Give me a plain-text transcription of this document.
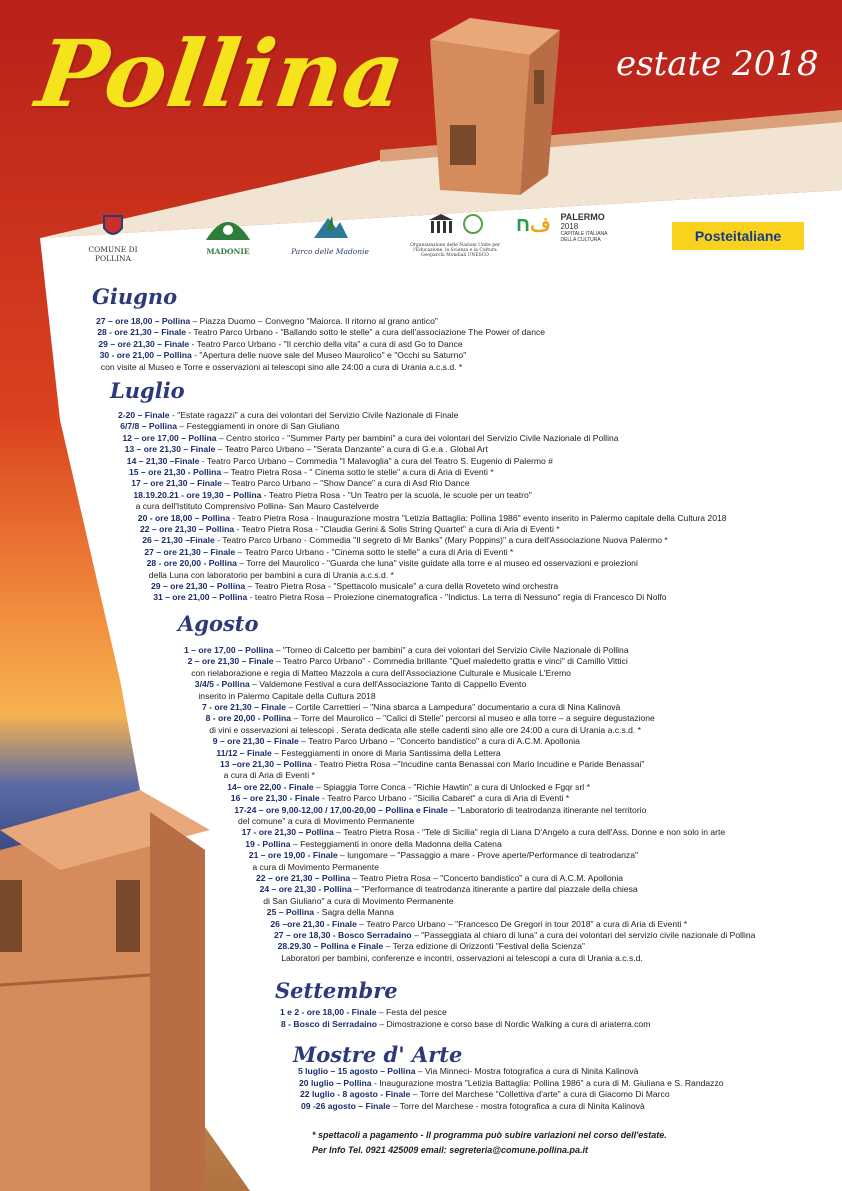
Pollina	estate 2018
COMUNE DI POLLINA
MADONIE	Parco delle Madonie
Organizzazione delle Nazioni Unite per l'Educazione, la Scienza e la Cultura
Geoparchi Mondiali UNESCO
فח	PALERMO
2018
CAPITALE ITALIANA DELLA CULTURA	Posteitaliane
Giugno
27 – ore 18,00 – Pollina – Piazza Duomo – Convegno "Maiorca. Il ritorno al grano antico"
28 - ore 21,30 – Finale - Teatro Parco Urbano - "Ballando sotto le stelle" a cura dell'associazione The Power of dance
29 – ore 21,30 – Finale - Teatro Parco Urbano - "Il cerchio della vita" a cura di asd Go to Dance
30 - ore 21,00 – Pollina - "Apertura delle nuove sale del Museo Maurolico" e "Occhi su Saturno"
con visite al Museo e Torre e osservazioni ai telescopi sino alle 24:00 a cura di Urania a.c.s.d. *
Luglio
2-20 – Finale - "Estate ragazzi" a cura dei volontari del Servizio Civile Nazionale di Finale
6/7/8 – Pollina – Festeggiamenti in onore di San Giuliano
12 – ore 17,00 – Pollina – Centro storico - "Summer Party per bambini" a cura dei volontari del Servizio Civile Nazionale di Pollina
13 – ore 21,30 – Finale – Teatro Parco Urbano – "Serata Danzante" a cura di G.e.a . Global Art
14 – 21,30 –Finale - Teatro Parco Urbano – Commedia "I Malavoglia" a cura del Teatro S. Eugenio di Palermo #
15 – ore 21,30 - Pollina – Teatro Pietra Rosa - " Cinema sotto le stelle" a cura di Aria di Eventi *
17 – ore 21,30 – Finale – Teatro Parco Urbano – "Show Dance" a cura di Asd Rio Dance
18.19.20.21 - ore 19,30 – Pollina - Teatro Pietra Rosa - "Un Teatro per la scuola, le scuole per un teatro"
a cura dell'Istituto Comprensivo Pollina- San Mauro Castelverde
20 - ore 18,00 – Pollina - Teatro Pietra Rosa - Inaugurazione mostra "Letizia Battaglia: Pollina 1986" evento inserito in Palermo capitale della Cultura 2018
22 – ore 21,30 – Pollina - Teatro Pietra Rosa - "Claudia Gerini & Solis String Quartet" a cura di Aria di Eventi *
26 – 21,30 –Finale - Teatro Parco Urbano - Commedia "Il segreto di Mr Banks" (Mary Poppins)" a cura dell'Associazione Nuova Palermo *
27 – ore 21,30 – Finale – Teatro Parco Urbano - "Cinema sotto le stelle" a cura di Aria di Eventi *
28 - ore 20,00 - Pollina – Torre del Maurolico - "Guarda che luna" visite guidate alla torre e al museo ed osservazioni e proiezioni
della Luna con laboratorio per bambini a cura di Urania a.c.s.d. *
29 – ore 21,30 – Pollina – Teatro Pietra Rosa - "Spettacolo musicale" a cura della Roveteto wind orchestra
31 – ore 21,00 – Pollina - teatro Pietra Rosa – Proiezione cinematografica - "Indictus. La terra di Nessuno" regia di Francesco Di Nolfo
Agosto
1 – ore 17,00 – Pollina – "Torneo di Calcetto per bambini" a cura dei volontari del Servizio Civile Nazionale di Pollina
2 – ore 21,30 – Finale – Teatro Parco Urbano" - Commedia brillante "Quel maledetto gratta e vinci" di Camillo Vittici
con rielaborazione e regia di Matteo Mazzola a cura dell'Associazione Culturale e Musicale L'Eremo
3/4/5 - Pollina – Valdemone Festival a cura dell'Associazione Tanto di Cappello Evento
inserito in Palermo Capitale della Cultura 2018
7 - ore 21,30 – Finale – Cortile Carrettieri – "Nina sbarca a Lampedura" documentario a cura di Nina Kalinovà
8 - ore 20,00 - Pollina – Torre del Maurolico – "Calici di Stelle" percorsi al museo e alla torre – a seguire degustazione
di vini e osservazioni ai telescopi . Serata dedicata alle stelle cadenti sino alle ore 24:00 a cura di Urania a.c.s.d. *
9 – ore 21,30 – Finale – Teatro Parco Urbano – "Concerto bandistico" a cura di A.C.M. Apollonia
11/12 – Finale – Festeggiamenti in onore di Maria Santissima della Lettera
13 –ore 21,30 – Pollina - Teatro Pietra Rosa –"Incudine canta Benassai con Mario Incudine e Paride Benassai"
a cura di Aria di Eventi *
14– ore 22,00 - Finale – Spiaggia Torre Conca - "Richie Hawtin" a cura di Unlocked e Fgqr srl *
16 – ore 21,30 - Finale - Teatro Parco Urbano - "Sicilia Cabaret" a cura di Aria di Eventi *
17-24 – ore 9,00-12,00 / 17,00-20,00 – Pollina e Finale – "Laboratorio di teatrodanza itinerante nel territorio
del comune" a cura di Movimento Permanente
17 - ore 21,30 – Pollina – Teatro Pietra Rosa - "Tele di Sicilia" regia di Liana D'Angelo a cura dell'Ass. Donne e non solo in arte
19 - Pollina – Festeggiamenti in onore della Madonna della Catena
21 – ore 19,00 - Finale – lungomare – "Passaggio a mare - Prove aperte/Performance di teatrodanza"
a cura di Movimento Permanente
22 – ore 21,30 – Pollina – Teatro Pietra Rosa – "Concerto bandistico" a cura di A.C.M. Apollonia
24 – ore 21,30 - Pollina – "Performance di teatrodanza itinerante a partire dal piazzale della chiesa
di San Giuliano" a cura di Movimento Permanente
25 – Pollina - Sagra della Manna
26 –ore 21,30 - Finale – Teatro Parco Urbano – "Francesco De Gregori in tour 2018" a cura di Aria di Eventi *
27 – ore 18,30 - Bosco Serradaino – "Passeggiata al chiaro di luna" a cura dei volontari del servizio civile nazionale di Pollina
28.29.30 – Pollina e Finale – Terza edizione di Orizzonti "Festival della Scienza"
Laboratori per bambini, conferenze e incontri, osservazioni ai telescopi a cura di Urania a.c.s.d.
Settembre
1 e 2 - ore 18,00 - Finale – Festa del pesce
8 - Bosco di Serradaino – Dimostrazione e corso base di Nordic Walking a cura di ariaterra.com
Mostre d' Arte
5 luglio – 15 agosto – Pollina – Via Minneci- Mostra fotografica a cura di Ninita Kalinovà
20 luglio – Pollina - Inaugurazione mostra "Letizia Battaglia: Pollina 1986" a cura di M. Giuliana e S. Randazzo
22 luglio - 8 agosto - Finale – Torre del Marchese "Collettiva d'arte" a cura di Giacomo Di Marco
09 -26 agosto – Finale – Torre del Marchese - mostra fotografica a cura di Ninita Kalinovà
* spettacoli a pagamento - Il programma può subire variazioni nel corso dell'estate.
Per Info Tel. 0921 425009 email: segreteria@comune.pollina.pa.it
